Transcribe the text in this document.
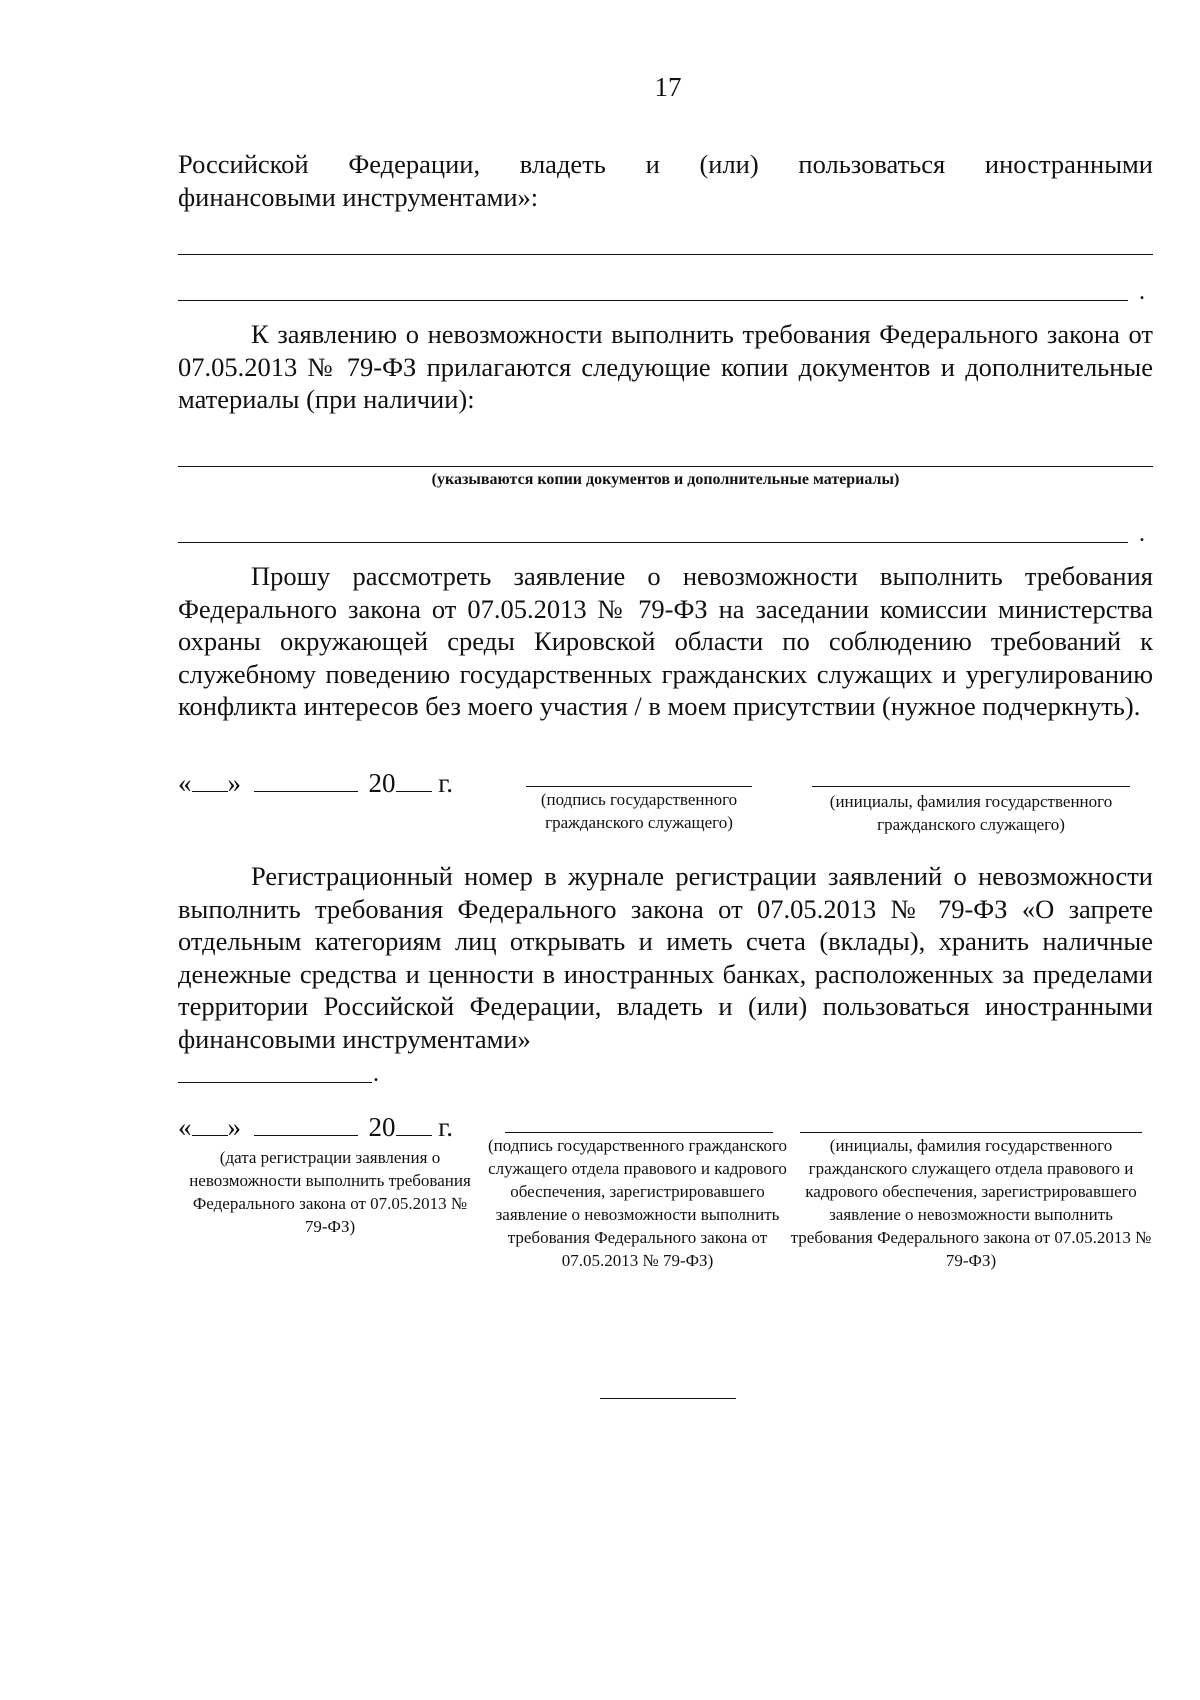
17
Российской Федерации, владеть и (или) пользоваться иностранными
финансовыми инструментами»:
.
К заявлению о невозможности выполнить требования Федерального закона от 07.05.2013 № 79-ФЗ прилагаются следующие копии документов и дополнительные материалы (при наличии):
(указываются копии документов и дополнительные материалы)
.
Прошу рассмотреть заявление о невозможности выполнить требования Федерального закона от 07.05.2013 № 79-ФЗ на заседании комиссии министерства охраны окружающей среды Кировской области по соблюдению требований к служебному поведению государственных гражданских служащих и урегулированию конфликта интересов без моего участия / в моем присутствии (нужное подчеркнуть).
« »	20 г.
(подпись государственного гражданского служащего)
(инициалы, фамилия государственного гражданского служащего)
Регистрационный номер в журнале регистрации заявлений о невозможности выполнить требования Федерального закона от 07.05.2013 № 79-ФЗ «О запрете отдельным категориям лиц открывать и иметь счета (вклады), хранить наличные денежные средства и ценности в иностранных банках, расположенных за пределами территории Российской Федерации, владеть и (или) пользоваться иностранными финансовыми инструментами»
.
« »	20 г.
(дата регистрации заявления о невозможности выполнить требования Федерального закона от 07.05.2013 № 79-ФЗ)
(подпись государственного гражданского служащего отдела правового и кадрового обеспечения, зарегистрировавшего заявление о невозможности выполнить требования Федерального закона от 07.05.2013 № 79-ФЗ)
(инициалы, фамилия государственного гражданского служащего отдела правового и кадрового обеспечения, зарегистрировавшего заявление о невозможности выполнить требования Федерального закона от 07.05.2013 № 79-ФЗ)
